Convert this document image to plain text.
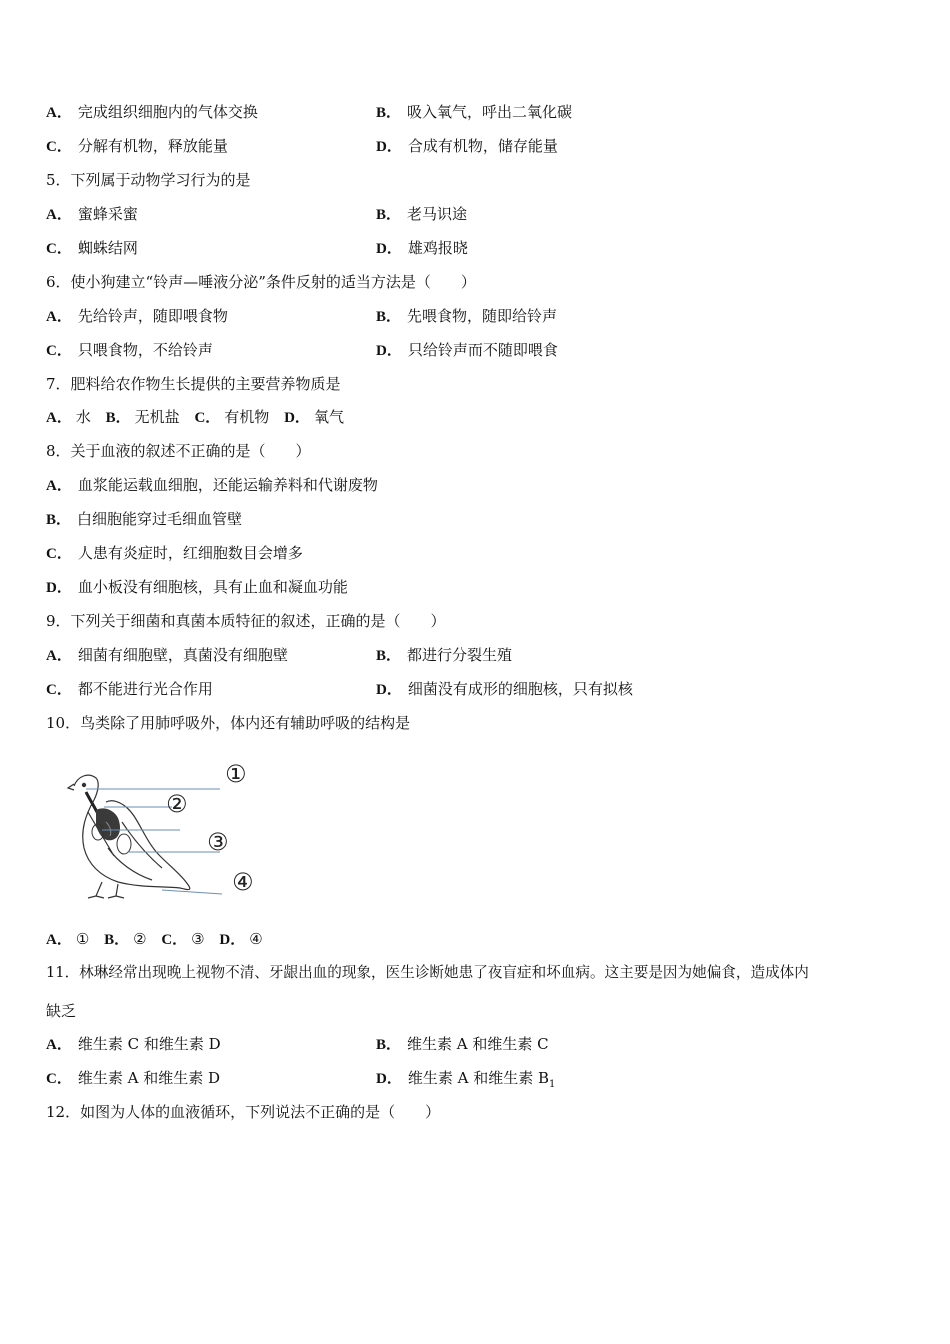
A． 完成组织细胞内的气体交换	B． 吸入氧气，呼出二氧化碳
C． 分解有机物，释放能量	D． 合成有机物，储存能量
5．下列属于动物学习行为的是
A． 蜜蜂采蜜	B． 老马识途
C． 蜘蛛结网	D． 雄鸡报晓
6．使小狗建立“铃声—唾液分泌”条件反射的适当方法是（　　）
A． 先给铃声，随即喂食物	B． 先喂食物，随即给铃声
C． 只喂食物，不给铃声	D． 只给铃声而不随即喂食
7．肥料给农作物生长提供的主要营养物质是
A． 水 B． 无机盐 C． 有机物 D． 氧气
8．关于血液的叙述不正确的是（　　）
A． 血浆能运载血细胞，还能运输养料和代谢废物
B． 白细胞能穿过毛细血管壁
C． 人患有炎症时，红细胞数目会增多
D． 血小板没有细胞核，具有止血和凝血功能
9．下列关于细菌和真菌本质特征的叙述，正确的是（　　）
A． 细菌有细胞壁，真菌没有细胞壁	B． 都进行分裂生殖
C． 都不能进行光合作用	D． 细菌没有成形的细胞核，只有拟核
10．鸟类除了用肺呼吸外，体内还有辅助呼吸的结构是
①
②
③
④
A． ① B． ② C． ③ D． ④
11．林琳经常出现晚上视物不清、牙龈出血的现象，医生诊断她患了夜盲症和坏血病。这主要是因为她偏食，造成体内
缺乏
A． 维生素 C 和维生素 D	B． 维生素 A 和维生素 C
C． 维生素 A 和维生素 D	D． 维生素 A 和维生素 $B_1$
12．如图为人体的血液循环，下列说法不正确的是（　　）
